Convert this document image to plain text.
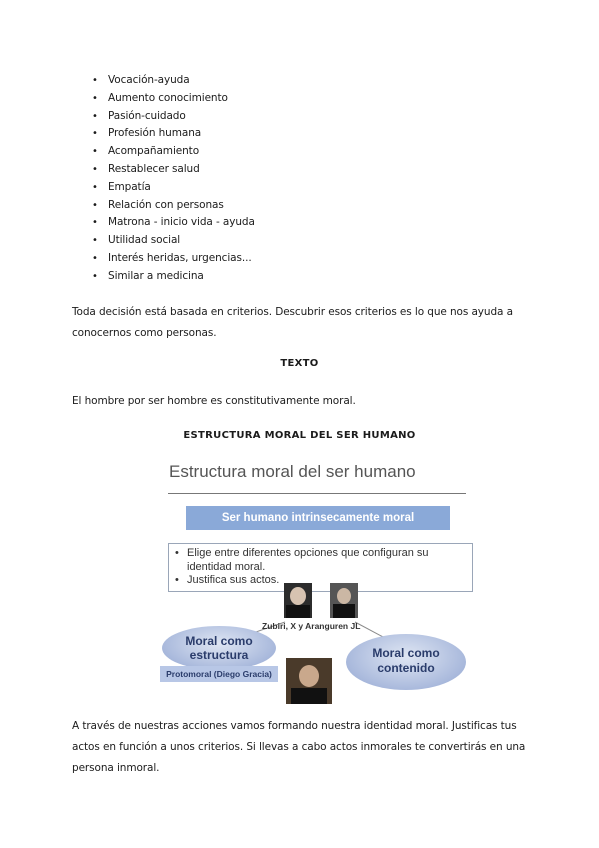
• Vocación-ayuda
• Aumento conocimiento
• Pasión-cuidado
• Profesión humana
• Acompañamiento
• Restablecer salud
• Empatía
• Relación con personas
• Matrona - inicio vida - ayuda
• Utilidad social
• Interés heridas, urgencias...
• Similar a medicina

Toda decisión está basada en criterios. Descubrir esos criterios es lo que nos ayuda a conocernos como personas.

TEXTO

El hombre por ser hombre es constitutivamente moral.

ESTRUCTURA MORAL DEL SER HUMANO

Estructura moral del ser humano
Ser humano intrinsecamente moral
• Elige entre diferentes opciones que configuran su identidad moral.
• Justifica sus actos.
Zubiri, X y Aranguren JL
Moral como estructura	Moral como contenido
Protomoral (Diego Gracia)

A través de nuestras acciones vamos formando nuestra identidad moral. Justificas tus actos en función a unos criterios. Si llevas a cabo actos inmorales te convertirás en una persona inmoral.
